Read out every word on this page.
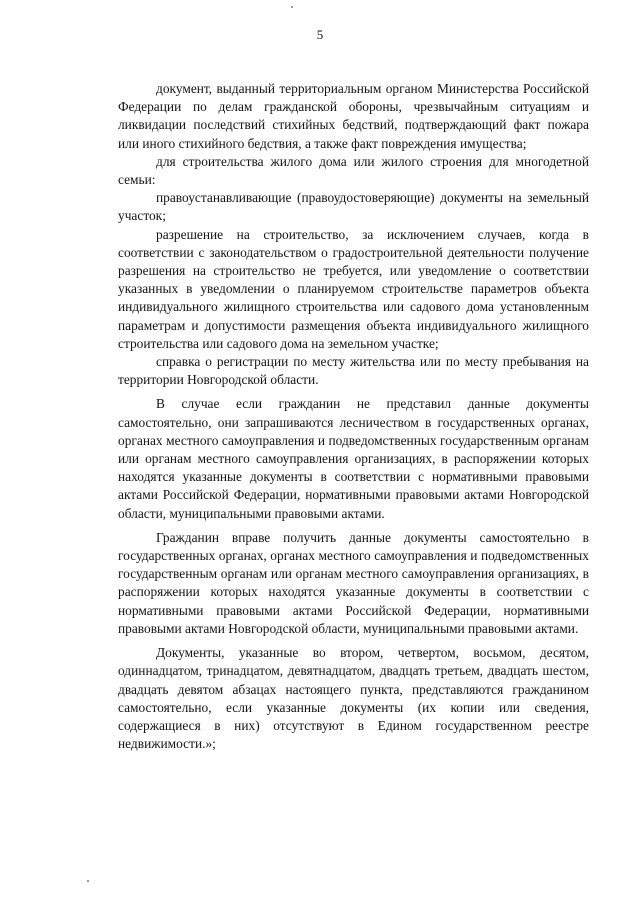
5

документ, выданный территориальным органом Министерства Российской Федерации по делам гражданской обороны, чрезвычайным ситуациям и ликвидации последствий стихийных бедствий, подтверждающий факт пожара или иного стихийного бедствия, а также факт повреждения имущества;

для строительства жилого дома или жилого строения для многодетной семьи:

правоустанавливающие (правоудостоверяющие) документы на земельный участок;

разрешение на строительство, за исключением случаев, когда в соответствии с законодательством о градостроительной деятельности получение разрешения на строительство не требуется, или уведомление о соответствии указанных в уведомлении о планируемом строительстве параметров объекта индивидуального жилищного строительства или садового дома установленным параметрам и допустимости размещения объекта индивидуального жилищного строительства или садового дома на земельном участке;

справка о регистрации по месту жительства или по месту пребывания на территории Новгородской области.

В случае если гражданин не представил данные документы самостоятельно, они запрашиваются лесничеством в государственных органах, органах местного самоуправления и подведомственных государственным органам или органам местного самоуправления организациях, в распоряжении которых находятся указанные документы в соответствии с нормативными правовыми актами Российской Федерации, нормативными правовыми актами Новгородской области, муниципальными правовыми актами.

Гражданин вправе получить данные документы самостоятельно в государственных органах, органах местного самоуправления и подведомственных государственным органам или органам местного самоуправления организациях, в распоряжении которых находятся указанные документы в соответствии с нормативными правовыми актами Российской Федерации, нормативными правовыми актами Новгородской области, муниципальными правовыми актами.

Документы, указанные во втором, четвертом, восьмом, десятом, одиннадцатом, тринадцатом, девятнадцатом, двадцать третьем, двадцать шестом, двадцать девятом абзацах настоящего пункта, представляются гражданином самостоятельно, если указанные документы (их копии или сведения, содержащиеся в них) отсутствуют в Едином государственном реестре недвижимости.»;
